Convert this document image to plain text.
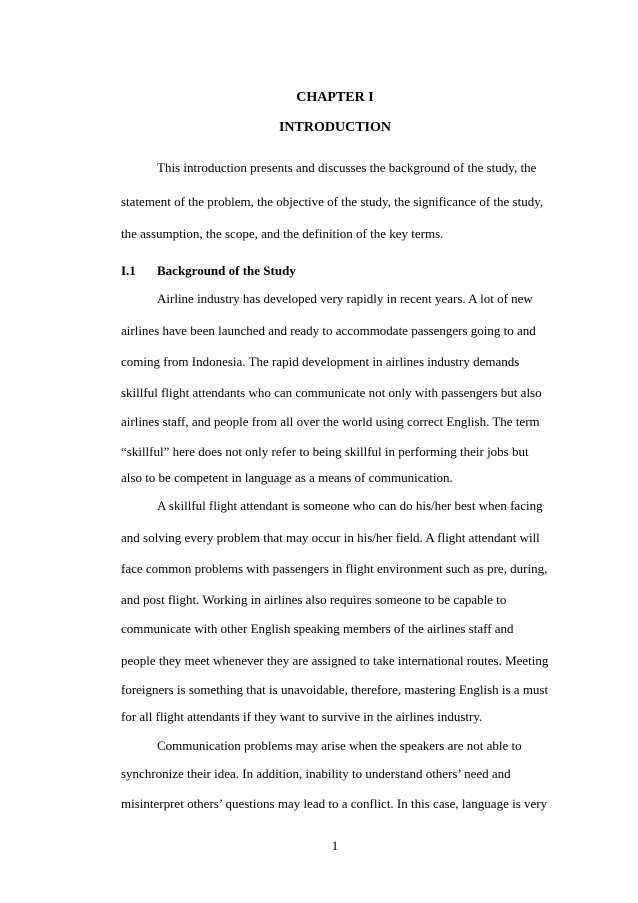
CHAPTER I
INTRODUCTION
This introduction presents and discusses the background of the study, the
statement of the problem, the objective of the study, the significance of the study,
the assumption, the scope, and the definition of the key terms.
I.1 Background of the Study
Airline industry has developed very rapidly in recent years. A lot of new
airlines have been launched and ready to accommodate passengers going to and
coming from Indonesia. The rapid development in airlines industry demands
skillful flight attendants who can communicate not only with passengers but also
airlines staff, and people from all over the world using correct English. The term
“skillful” here does not only refer to being skillful in performing their jobs but
also to be competent in language as a means of communication.
A skillful flight attendant is someone who can do his/her best when facing
and solving every problem that may occur in his/her field. A flight attendant will
face common problems with passengers in flight environment such as pre, during,
and post flight. Working in airlines also requires someone to be capable to
communicate with other English speaking members of the airlines staff and
people they meet whenever they are assigned to take international routes. Meeting
foreigners is something that is unavoidable, therefore, mastering English is a must
for all flight attendants if they want to survive in the airlines industry.
Communication problems may arise when the speakers are not able to
synchronize their idea. In addition, inability to understand others’ need and
misinterpret others’ questions may lead to a conflict. In this case, language is very
1
